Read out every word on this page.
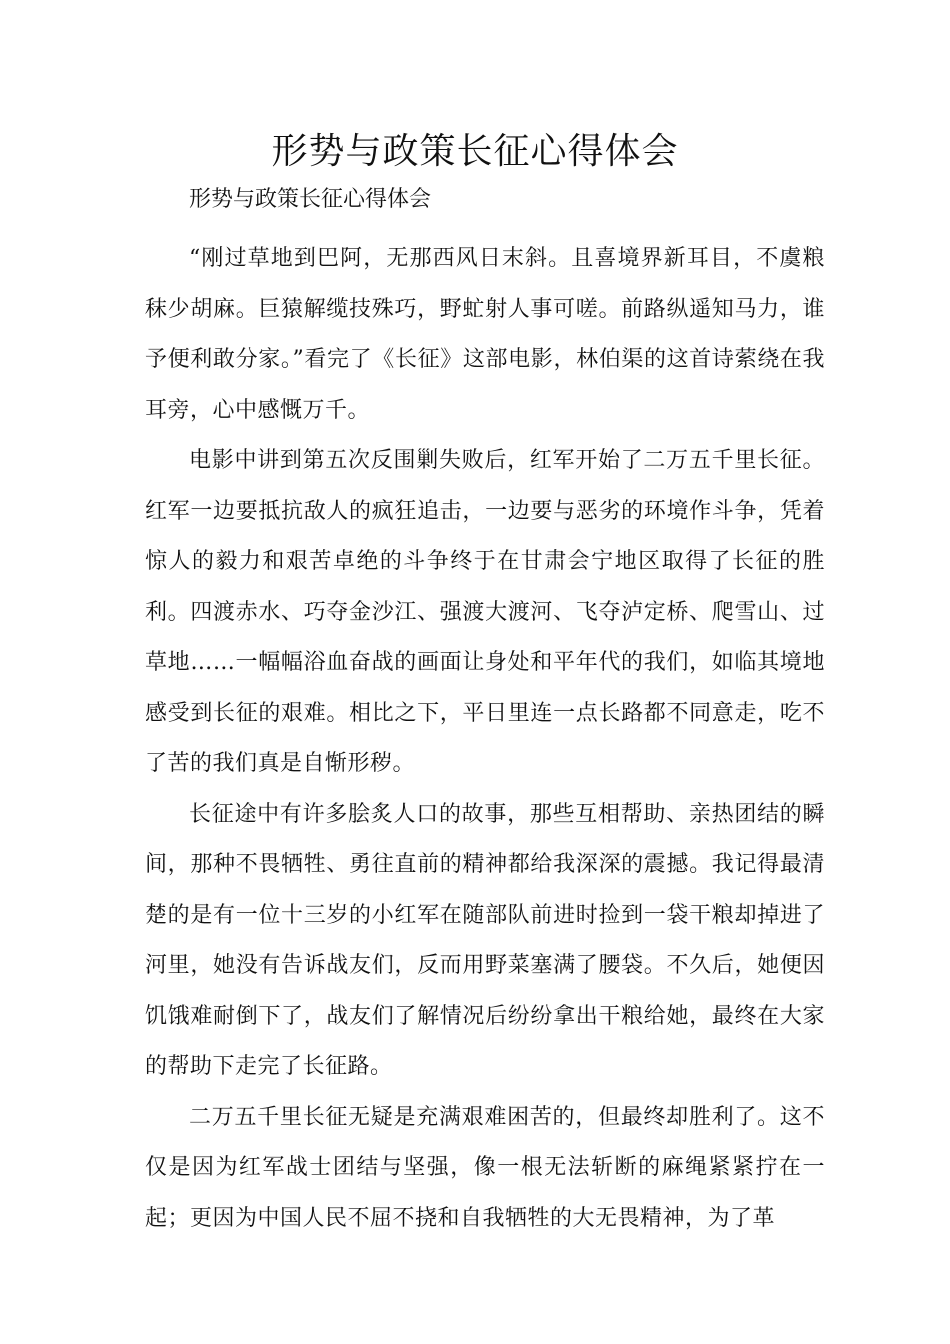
形势与政策长征心得体会

形势与政策长征心得体会

“刚过草地到巴阿，无那西风日末斜。且喜境界新耳目，不虞粮秣少胡麻。巨猿解缆技殊巧，野虻射人事可嗟。前路纵遥知马力，谁予便利敢分家。”看完了《长征》这部电影，林伯渠的这首诗萦绕在我耳旁，心中感慨万千。

电影中讲到第五次反围剿失败后，红军开始了二万五千里长征。红军一边要抵抗敌人的疯狂追击，一边要与恶劣的环境作斗争，凭着惊人的毅力和艰苦卓绝的斗争终于在甘肃会宁地区取得了长征的胜利。四渡赤水、巧夺金沙江、强渡大渡河、飞夺泸定桥、爬雪山、过草地……一幅幅浴血奋战的画面让身处和平年代的我们，如临其境地感受到长征的艰难。相比之下，平日里连一点长路都不同意走，吃不了苦的我们真是自惭形秽。

长征途中有许多脍炙人口的故事，那些互相帮助、亲热团结的瞬间，那种不畏牺牲、勇往直前的精神都给我深深的震撼。我记得最清楚的是有一位十三岁的小红军在随部队前进时捡到一袋干粮却掉进了河里，她没有告诉战友们，反而用野菜塞满了腰袋。不久后，她便因饥饿难耐倒下了，战友们了解情况后纷纷拿出干粮给她，最终在大家的帮助下走完了长征路。

二万五千里长征无疑是充满艰难困苦的，但最终却胜利了。这不仅是因为红军战士团结与坚强，像一根无法斩断的麻绳紧紧拧在一起；更因为中国人民不屈不挠和自我牺牲的大无畏精神，为了革
